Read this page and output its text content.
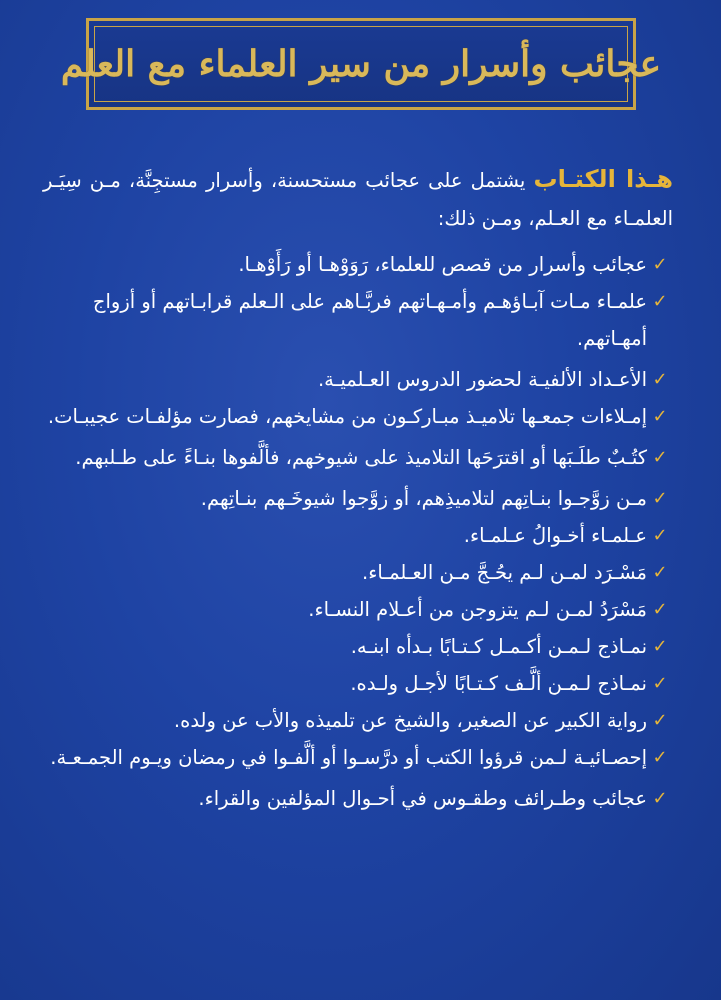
عجائب وأسرار من سير العلماء مع العلم

هـذا الكتـاب يشتمل على عجائب مستحسنة، وأسرار مستجِنَّة، مـن سِيَـر العلمـاء مع العـلم، ومـن ذلك:

✓
عجائب وأسرار من قصص للعلماء، رَوَوْهـا أو رَأَوْهـا.
✓
علمـاء مـات آبـاؤهـم وأمـهـاتهم فربَّـاهم على الـعلم قرابـاتهم أو أزواج أمهـاتهم.
✓
الأعـداد الألفيـة لحضور الدروس العـلميـة.
✓
إمـلاءات جمعـها تلاميـذ مبـاركـون من مشايخهم، فصارت مؤلفـات عجيبـات.
✓
كتُـبٌ طلَـبَها أو اقترَحَها التلاميذ على شيوخهم، فألَّفوها بنـاءً على طـلبهم.
✓
مـن زوَّجـوا بنـاتِهم لتلاميذِهم، أو زوَّجوا شيوخَـهم بنـاتِهم.
✓
عـلمـاء أخـوالُ عـلمـاء.
✓
مَسْـرَد لمـن لـم يحُـجَّ مـن العـلمـاء.
✓
مَسْرَدُ لمـن لـم يتزوجن من أعـلام النسـاء.
✓
نمـاذج لـمـن أكـمـل كـتـابًا بـدأه ابنـه.
✓
نمـاذج لـمـن ألَّـف كـتـابًا لأجـل ولـده.
✓
رواية الكبير عن الصغير، والشيخ عن تلميذه والأب عن ولده.
✓
إحصـائيـة لـمن قرؤوا الكتب أو درَّسـوا أو ألَّفـوا في رمضان ويـوم الجمـعـة.
✓
عجائب وطـرائف وطقـوس في أحـوال المؤلفين والقراء.
